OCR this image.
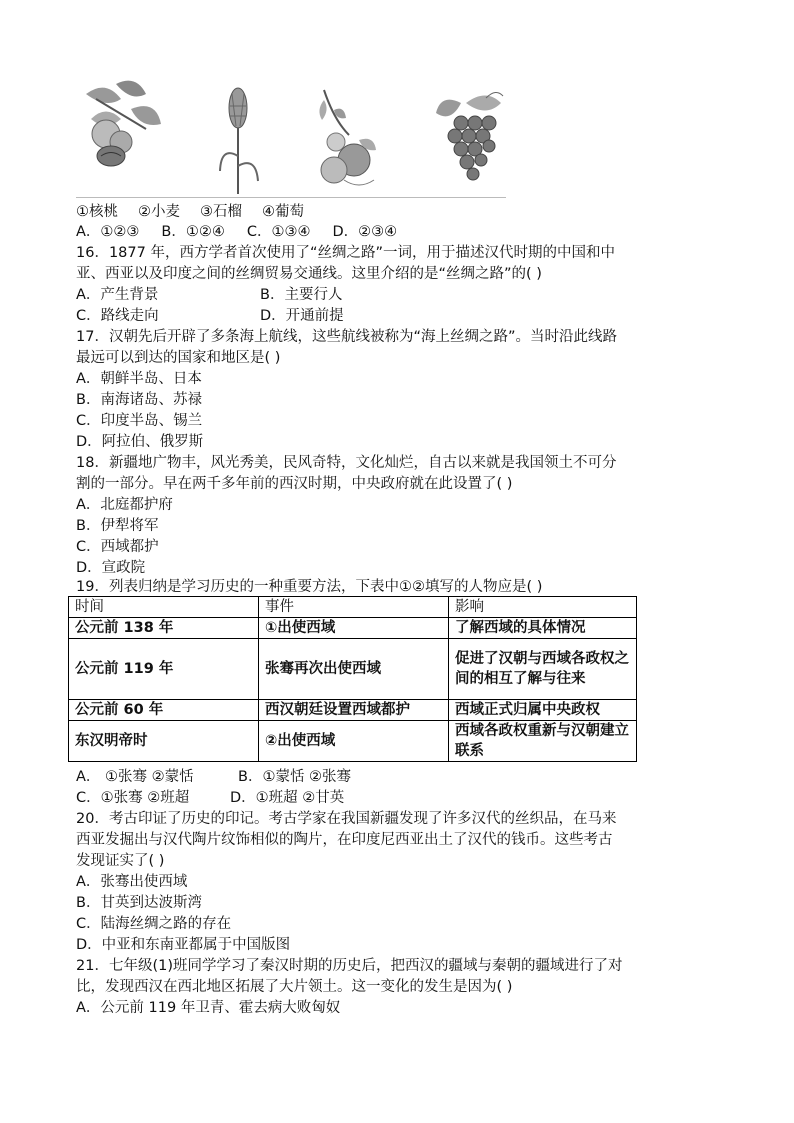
①核桃 ②小麦 ③石榴 ④葡萄
A．①②③ B．①②④ C．①③④ D．②③④
16．1877 年，西方学者首次使用了“丝绸之路”一词，用于描述汉代时期的中国和中
亚、西亚以及印度之间的丝绸贸易交通线。这里介绍的是“丝绸之路”的( )
A．产生背景	B．主要行人
C．路线走向	D．开通前提
17．汉朝先后开辟了多条海上航线，这些航线被称为“海上丝绸之路”。当时沿此线路
最远可以到达的国家和地区是( )
A．朝鲜半岛、日本
B．南海诸岛、苏禄
C．印度半岛、锡兰
D．阿拉伯、俄罗斯
18．新疆地广物丰，风光秀美，民风奇特，文化灿烂，自古以来就是我国领土不可分
割的一部分。早在两千多年前的西汉时期，中央政府就在此设置了( )
A．北庭都护府
B．伊犁将军
C．西域都护
D．宣政院
19．列表归纳是学习历史的一种重要方法，下表中①②填写的人物应是( )
时间	事件	影响
公元前 138 年	①出使西域	了解西域的具体情况
公元前 119 年	张骞再次出使西域	促进了汉朝与西域各政权之间的相互了解与往来
公元前 60 年	西汉朝廷设置西域都护	西域正式归属中央政权
东汉明帝时	②出使西域	西域各政权重新与汉朝建立联系
A． ①张骞 ②蒙恬	B．①蒙恬 ②张骞
C．①张骞 ②班超	D．①班超 ②甘英
20．考古印证了历史的印记。考古学家在我国新疆发现了许多汉代的丝织品，在马来
西亚发掘出与汉代陶片纹饰相似的陶片，在印度尼西亚出土了汉代的钱币。这些考古
发现证实了( )
A．张骞出使西域
B．甘英到达波斯湾
C．陆海丝绸之路的存在
D．中亚和东南亚都属于中国版图
21．七年级(1)班同学学习了秦汉时期的历史后，把西汉的疆域与秦朝的疆域进行了对
比，发现西汉在西北地区拓展了大片领土。这一变化的发生是因为( )
A．公元前 119 年卫青、霍去病大败匈奴
